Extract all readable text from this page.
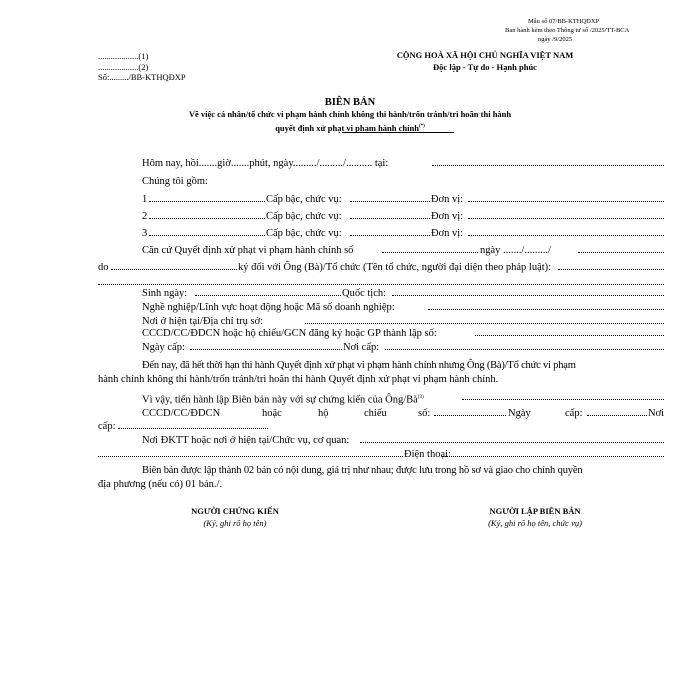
Mẫu số 07/BB-KTHQĐXP
Ban hành kèm theo Thông tư số /2025/TT-BCA
ngày /9/2025
...................(1)
...................(2)
Số:........./BB-KTHQĐXP
CỘNG HOÀ XÃ HỘI CHỦ NGHĨA VIỆT NAM
Độc lập - Tự do - Hạnh phúc
BIÊN BẢN
Về việc cá nhân/tổ chức vi phạm hành chính không thi hành/trốn tránh/trì hoãn thi hành
quyết định xử phạt vi phạm hành chính(*)
Hôm nay, hồi.......giờ.......phút, ngày........./........./.......... tại:
Chúng tôi gồm:
1	Cấp bậc, chức vụ:	Đơn vị:
2	Cấp bậc, chức vụ:	Đơn vị:
3	Cấp bậc, chức vụ:	Đơn vị:
Căn cứ Quyết định xử phạt vi phạm hành chính số	ngày ......./........./
do	ký đối với Ông (Bà)/Tổ chức (Tên tổ chức, người đại diện theo pháp luật):
Sinh ngày:	Quốc tịch:
Nghề nghiệp/Lĩnh vực hoạt động hoặc Mã số doanh nghiệp:
Nơi ở hiện tại/Địa chỉ trụ sở:
CCCD/CC/ĐDCN hoặc hộ chiếu/GCN đăng ký hoặc GP thành lập số:
Ngày cấp:	Nơi cấp:
Đến nay, đã hết thời hạn thi hành Quyết định xử phạt vi phạm hành chính nhưng Ông (Bà)/Tổ chức vi phạm
hành chính không thi hành/trốn tránh/trì hoãn thi hành Quyết định xử phạt vi phạm hành chính.
Vì vậy, tiến hành lập Biên bản này với sự chứng kiến của Ông/$Bà^{(3)}$
CCCD/CC/ĐDCN	hoặc	hộ	chiếu	số:	Ngày	cấp:	Nơi
cấp:
Nơi ĐKTT hoặc nơi ở hiện tại/Chức vụ, cơ quan:
Điện thoại:
Biên bản được lập thành 02 bản có nội dung, giá trị như nhau; được lưu trong hồ sơ và giao cho chính quyền
địa phương (nếu có) 01 bản./.
NGƯỜI CHỨNG KIẾN
(Ký, ghi rõ họ tên)
NGƯỜI LẬP BIÊN BẢN
(Ký, ghi rõ họ tên, chức vụ)
